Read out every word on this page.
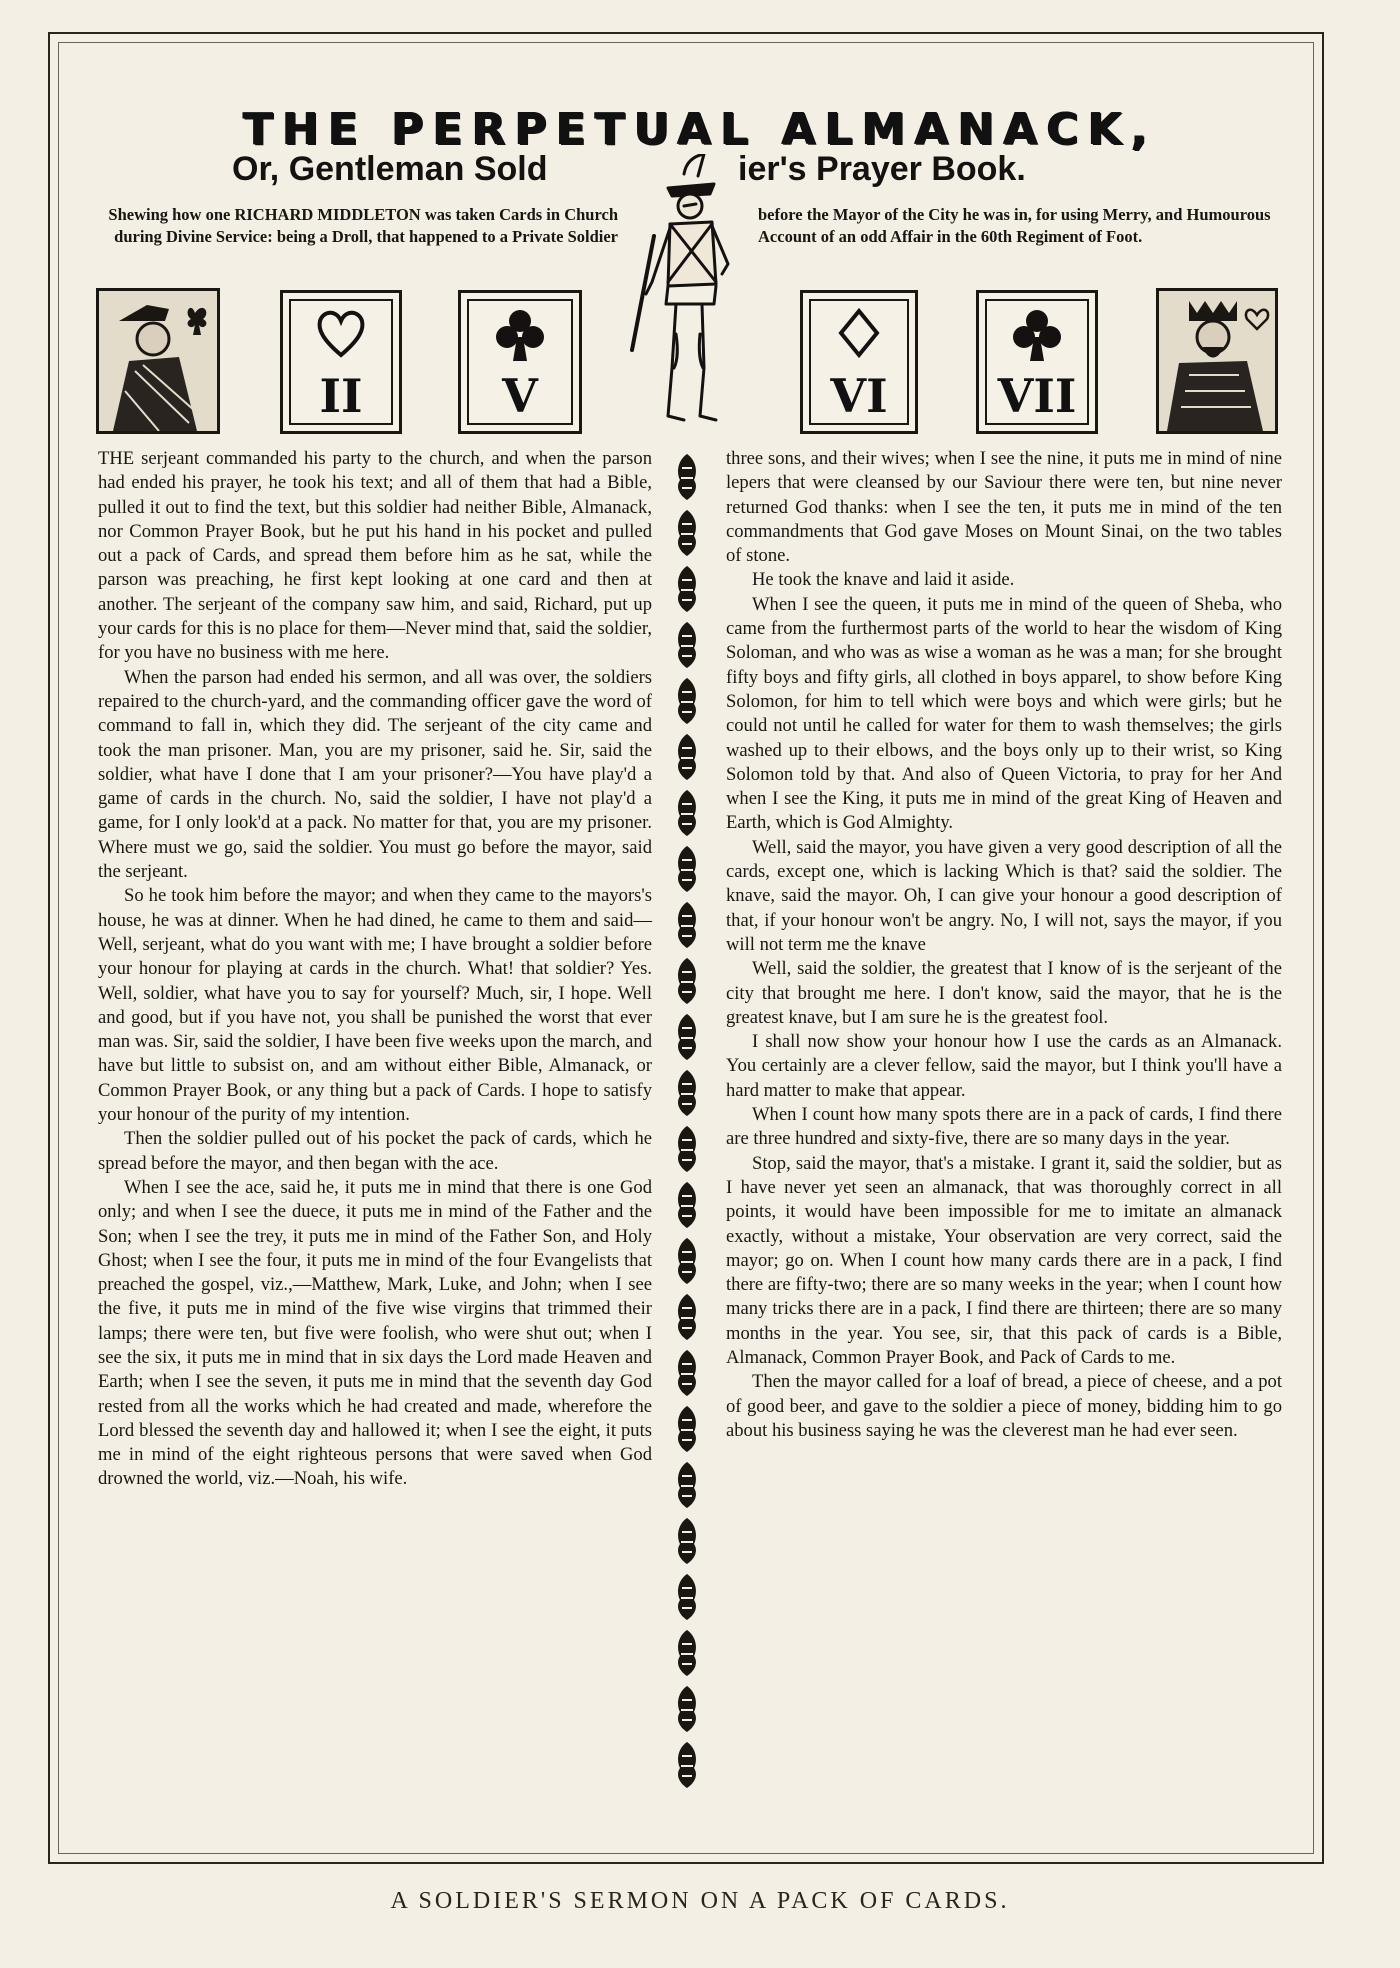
THE PERPETUAL ALMANACK,
Or, Gentleman Sold	ier's Prayer Book.
Shewing how one RICHARD MIDDLETON was taken Cards in Church during Divine Service: being a Droll, that happened to a Private Soldier
before the Mayor of the City he was in, for using Merry, and Humourous Account of an odd Affair in the 60th Regiment of Foot.
II	V	VI	VII

THE serjeant commanded his party to the church, and when the parson had ended his prayer, he took his text; and all of them that had a Bible, pulled it out to find the text, but this soldier had neither Bible, Almanack, nor Common Prayer Book, but he put his hand in his pocket and pulled out a pack of Cards, and spread them before him as he sat, while the parson was preaching, he first kept looking at one card and then at another. The serjeant of the company saw him, and said, Richard, put up your cards for this is no place for them—Never mind that, said the soldier, for you have no business with me here.

When the parson had ended his sermon, and all was over, the soldiers repaired to the church-yard, and the commanding officer gave the word of command to fall in, which they did. The serjeant of the city came and took the man prisoner. Man, you are my prisoner, said he. Sir, said the soldier, what have I done that I am your prisoner?—You have play'd a game of cards in the church. No, said the soldier, I have not play'd a game, for I only look'd at a pack. No matter for that, you are my prisoner. Where must we go, said the soldier. You must go before the mayor, said the serjeant.

So he took him before the mayor; and when they came to the mayors's house, he was at dinner. When he had dined, he came to them and said—Well, serjeant, what do you want with me; I have brought a soldier before your honour for playing at cards in the church. What! that soldier? Yes. Well, soldier, what have you to say for yourself? Much, sir, I hope. Well and good, but if you have not, you shall be punished the worst that ever man was. Sir, said the soldier, I have been five weeks upon the march, and have but little to subsist on, and am without either Bible, Almanack, or Common Prayer Book, or any thing but a pack of Cards. I hope to satisfy your honour of the purity of my intention.

Then the soldier pulled out of his pocket the pack of cards, which he spread before the mayor, and then began with the ace.

When I see the ace, said he, it puts me in mind that there is one God only; and when I see the duece, it puts me in mind of the Father and the Son; when I see the trey, it puts me in mind of the Father Son, and Holy Ghost; when I see the four, it puts me in mind of the four Evangelists that preached the gospel, viz.,—Matthew, Mark, Luke, and John; when I see the five, it puts me in mind of the five wise virgins that trimmed their lamps; there were ten, but five were foolish, who were shut out; when I see the six, it puts me in mind that in six days the Lord made Heaven and Earth; when I see the seven, it puts me in mind that the seventh day God rested from all the works which he had created and made, wherefore the Lord blessed the seventh day and hallowed it; when I see the eight, it puts me in mind of the eight righteous persons that were saved when God drowned the world, viz.—Noah, his wife.

three sons, and their wives; when I see the nine, it puts me in mind of nine lepers that were cleansed by our Saviour there were ten, but nine never returned God thanks: when I see the ten, it puts me in mind of the ten commandments that God gave Moses on Mount Sinai, on the two tables of stone.

He took the knave and laid it aside.

When I see the queen, it puts me in mind of the queen of Sheba, who came from the furthermost parts of the world to hear the wisdom of King Soloman, and who was as wise a woman as he was a man; for she brought fifty boys and fifty girls, all clothed in boys apparel, to show before King Solomon, for him to tell which were boys and which were girls; but he could not until he called for water for them to wash themselves; the girls washed up to their elbows, and the boys only up to their wrist, so King Solomon told by that. And also of Queen Victoria, to pray for her And when I see the King, it puts me in mind of the great King of Heaven and Earth, which is God Almighty.

Well, said the mayor, you have given a very good description of all the cards, except one, which is lacking Which is that? said the soldier. The knave, said the mayor. Oh, I can give your honour a good description of that, if your honour won't be angry. No, I will not, says the mayor, if you will not term me the knave

Well, said the soldier, the greatest that I know of is the serjeant of the city that brought me here. I don't know, said the mayor, that he is the greatest knave, but I am sure he is the greatest fool.

I shall now show your honour how I use the cards as an Almanack. You certainly are a clever fellow, said the mayor, but I think you'll have a hard matter to make that appear.

When I count how many spots there are in a pack of cards, I find there are three hundred and sixty-five, there are so many days in the year.

Stop, said the mayor, that's a mistake. I grant it, said the soldier, but as I have never yet seen an almanack, that was thoroughly correct in all points, it would have been impossible for me to imitate an almanack exactly, without a mistake, Your observation are very correct, said the mayor; go on. When I count how many cards there are in a pack, I find there are fifty-two; there are so many weeks in the year; when I count how many tricks there are in a pack, I find there are thirteen; there are so many months in the year. You see, sir, that this pack of cards is a Bible, Almanack, Common Prayer Book, and Pack of Cards to me.

Then the mayor called for a loaf of bread, a piece of cheese, and a pot of good beer, and gave to the soldier a piece of money, bidding him to go about his business saying he was the cleverest man he had ever seen.

A SOLDIER'S SERMON ON A PACK OF CARDS.
